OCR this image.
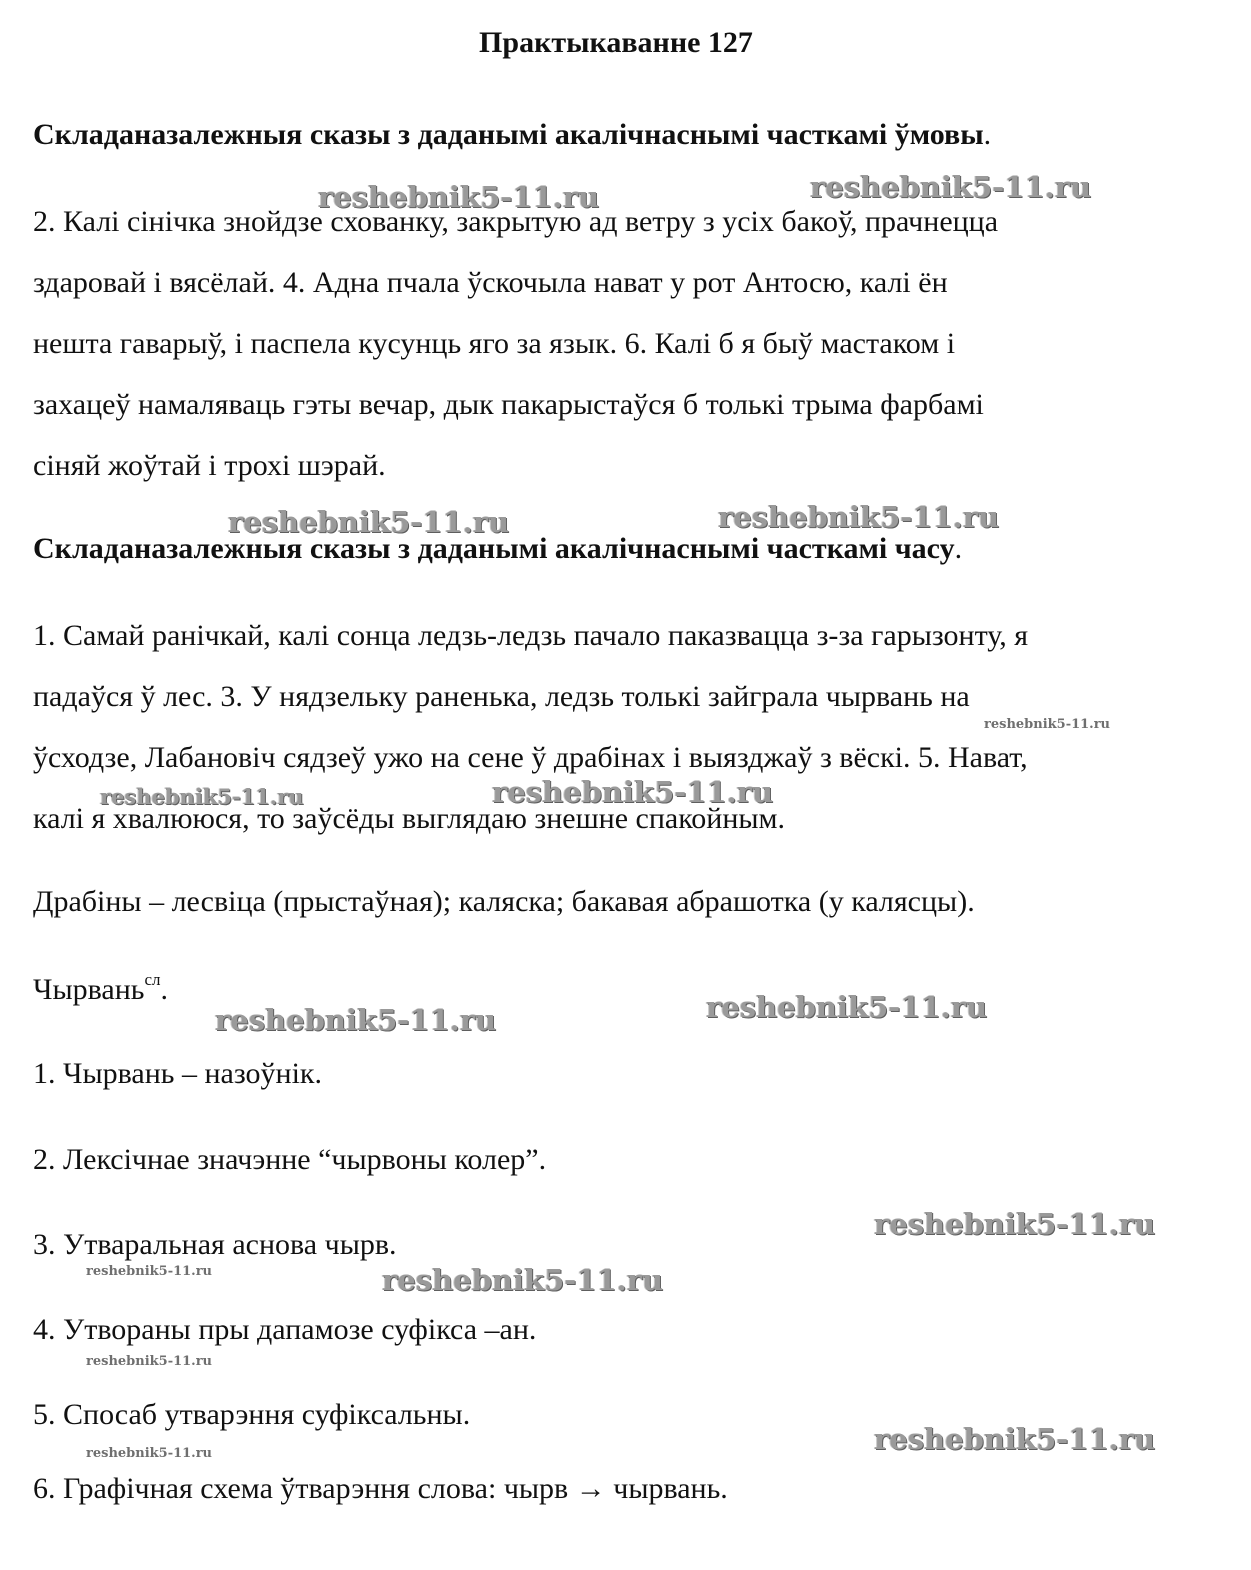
Практыкаванне 127
Складаназалежныя сказы з даданымі акалічнаснымі часткамі ўмовы.
2. Калі сінічка знойдзе схованку, закрытую ад ветру з усіх бакоў, прачнецца
здаровай і вясёлай. 4. Адна пчала ўскочыла нават у рот Антосю, калі ён
нешта гаварыў, і паспела кусунць яго за язык. 6. Калі б я быў мастаком і
захацеў намаляваць гэты вечар, дык пакарыстаўся б толькі трыма фарбамі
сіняй жоўтай і трохі шэрай.
Складаназалежныя сказы з даданымі акалічнаснымі часткамі часу.
1. Самай ранічкай, калі сонца ледзь-ледзь пачало паказвацца з-за гарызонту, я
падаўся ў лес. 3. У нядзельку раненька, ледзь толькі зайграла чырвань на
ўсходзе, Лабановіч сядзеў ужо на сене ў драбінах і выязджаў з вёскі. 5. Нават,
калі я хвалююся, то заўсёды выглядаю знешне спакойным.
Драбіны – лесвіца (прыстаўная); каляска; бакавая абрашотка (у калясцы).
Чырвань$^{сл}$.
1. Чырвань – назоўнік.
2. Лексічнае значэнне “чырвоны колер”.
3. Утваральная аснова чырв.
4. Утвораны пры дапамозе суфікса –ан.
5. Спосаб утварэння суфіксальны.
6. Графічная схема ўтварэння слова: чырв → чырвань.
reshebnik5-11.ru	reshebnik5-11.ru
reshebnik5-11.ru	reshebnik5-11.ru
reshebnik5-11.ru
reshebnik5-11.ru	reshebnik5-11.ru
reshebnik5-11.ru	reshebnik5-11.ru
reshebnik5-11.ru
reshebnik5-11.ru	reshebnik5-11.ru
reshebnik5-11.ru
reshebnik5-11.ru	reshebnik5-11.ru
